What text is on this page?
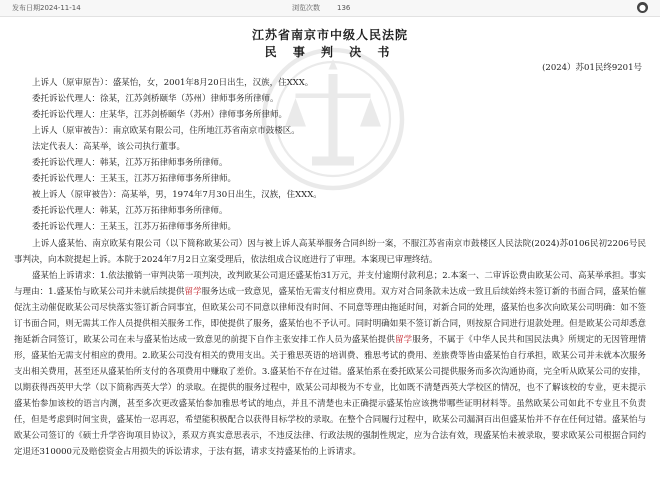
发布日期 2024-11-14	浏览次数 136	●
江苏省南京市中级人民法院
民 事 判 决 书
(2024）苏01民终9201号
上诉人（原审原告）：盛某怡，女，2001年8月20日出生，汉族，住XXX。
委托诉讼代理人：徐某，江苏剑桥颐华（苏州）律师事务所律师。
委托诉讼代理人：庄某华，江苏剑桥颐华（苏州）律师事务所律师。
上诉人（原审被告）：南京欧某有限公司，住所地江苏省南京市鼓楼区。
法定代表人：高某举，该公司执行董事。
委托诉讼代理人：韩某，江苏万拓律师事务所律师。
委托诉讼代理人：王某玉，江苏万拓律师事务所律师。
被上诉人（原审被告）：高某举，男，1974年7月30日出生，汉族，住XXX。
委托诉讼代理人：韩某，江苏万拓律师事务所律师。
委托诉讼代理人：王某玉，江苏万拓律师事务所律师。
上诉人盛某怡、南京欧某有限公司（以下简称欧某公司）因与被上诉人高某举服务合同纠纷一案，不服江苏省南京市鼓楼区人民法院(2024)苏0106民初2206号民事判决，向本院提起上诉。本院于2024年7月2日立案受理后，依法组成合议庭进行了审理。本案现已审理终结。
盛某怡上诉请求：1.依法撤销一审判决第一项判决，改判欧某公司退还盛某怡31万元，并支付逾期付款利息；2.本案一、二审诉讼费由欧某公司、高某举承担。事实与理由：1.盛某怡与欧某公司并未就后续提供留学服务达成一致意见，盛某怡无需支付相应费用。双方对合同条款未达成一致且后续始终未签订新的书面合同，盛某怡催促沈主动催促欧某公司尽快落实签订新合同事宜，但欧某公司不同意以律师没有时间、不同意等理由拖延时间，对新合同的处理，盛某怡也多次向欧某公司明确：如不签订书面合同，则无需其工作人员提供相关服务工作，即使提供了服务，盛某怡也不予认可。同时明确如果不签订新合同，则按原合同进行退款处理。但是欧某公司却悉意拖延新合同签订，欧某公司在未与盛某怡达成一致意见的前提下自作主张安排工作人员为盛某怡提供留学服务，不属于《中华人民共和国民法典》所规定的无因管理情形，盛某怡无需支付相应的费用。2.欧某公司没有相关的费用支出。关于雅思英语的培训费、雅思考试的费用、差旅费等皆由盛某怡自行承担，欧某公司并未就本次服务支出相关费用，甚至还从盛某怡所支付的各项费用中赚取了差价。3.盛某怡不存在过错。盛某怡系在委托欧某公司提供服务而多次沟通协商，完全听从欧某公司的安排，以期获得西英甲大学（以下简称西英大学）的录取。在提供的服务过程中，欧某公司却极为不专业，比如既不清楚西英大学校区的情况，也不了解该校的专业，更未提示盛某怡参加该校的语言内测，甚至多次更改盛某怡参加雅思考试的地点，并且不清楚也未正确提示盛某怡应该携带哪些证明材料等。虽然欧某公司如此不专业且不负责任，但是考虑到时间宝贵，盛某怡一忍再忍，希望能积极配合以获得目标学校的录取。在整个合同履行过程中，欧某公司漏洞百出但盛某怡并不存在任何过错。盛某怡与欧某公司签订的《硕士升学咨询项目协议》，系双方真实意思表示，不违反法律、行政法规的强制性规定，应为合法有效，现盛某怡未被录取，要求欧某公司根据合同约定退还310000元及赔偿资金占用损失的诉讼请求，于法有据，请求支持盛某怡的上诉请求。
